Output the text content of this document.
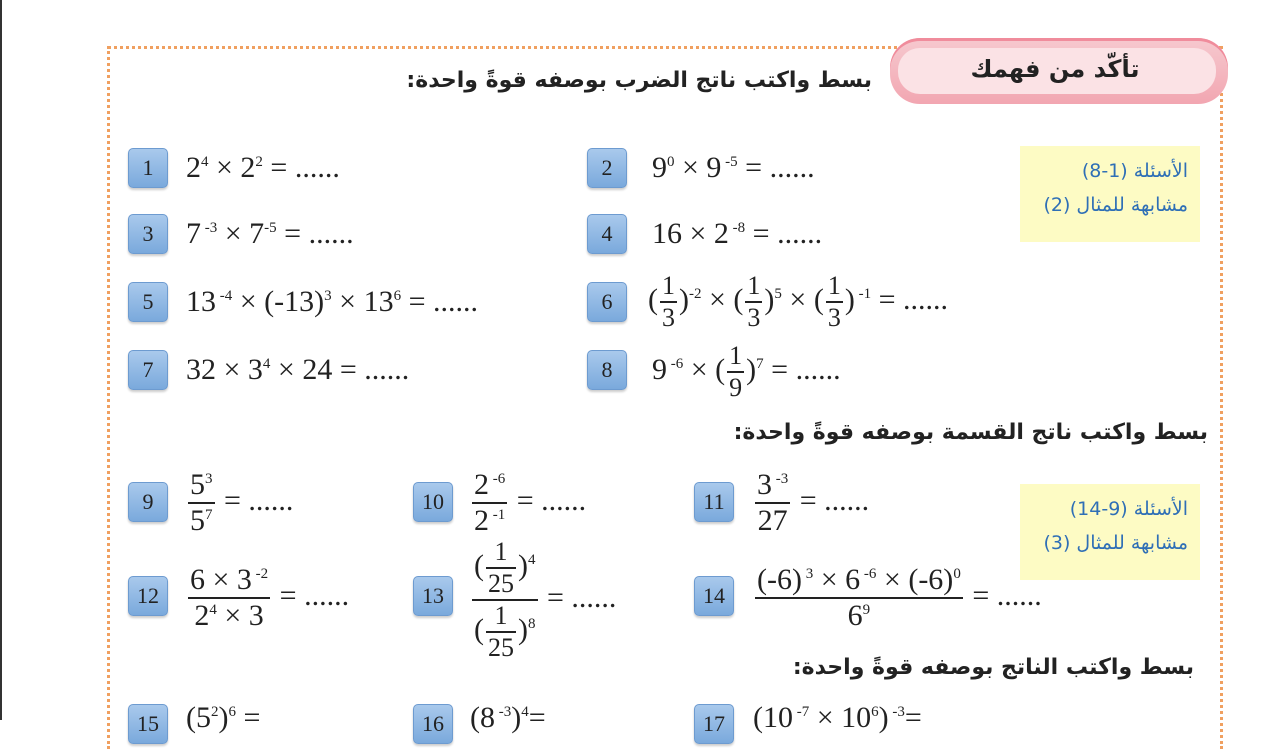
تأكّد من فهمك
بسط واكتب ناتج الضرب بوصفه قوةً واحدة:
بسط واكتب ناتج القسمة بوصفه قوةً واحدة:
بسط واكتب الناتج بوصفه قوةً واحدة:
الأسئلة (1-8)
مشابهة للمثال (2)
الأسئلة (9-14)
مشابهة للمثال (3)
1	$2^4 \times 2^2$ = ......	2	$9^0 \times 9$ $^{-5}$ = ......
3	7 $^{-3} \times 7^{-5}$ = ......	4	16 × 2 $^{-8}$ = ......
5	13 $^{-4} \times (-13)^3 \times 13^6$ = ......	6	( $\frac{1}{3} )^{-2}$ × ( $\frac{1}{3} )^5$ × ( $\frac{1}{3}$ ) $^{-1}$ = ......
7	$32 \times 3^4 \times 24$ = ......	8	9 $^{-6}$ × ( $\frac{1}{9} )^7$ = ......
9	$\frac{5^3}{5^7}$ = ......	$10 \frac{2 ^{-6}}{2 ^{-1}}$ = ......	11	$\frac{3 ^{-3}}{27}$ = ......
$12 \frac{6 \times 3 ^{-2}}{2^4 \times 3}$ = ......	$13 \frac{( \frac{1}{25} )^4}{( \frac{1}{25} )^8}$ = ......	14	$\frac{(-6) ^3 \times 6 ^{-6} \times (-6)^0}{6^9}$ = ......
15 $(5^2)^6$ =	16 (8 $^{-3}$)$^4$=	17 (10 $^{-7} \times 10^6$) $^{-3}$=
